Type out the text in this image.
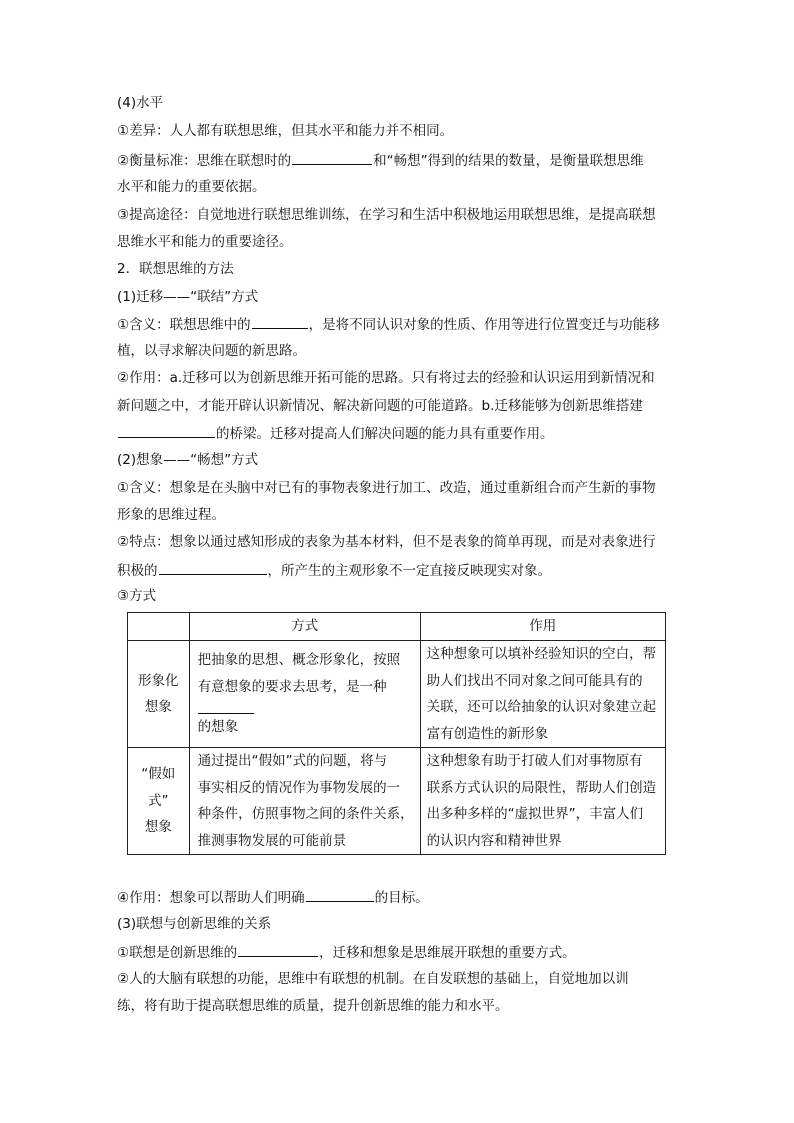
(4)水平
①差异：人人都有联想思维，但其水平和能力并不相同。
②衡量标准：思维在联想时的	和“畅想”得到的结果的数量，是衡量联想思维
水平和能力的重要依据。
③提高途径：自觉地进行联想思维训练，在学习和生活中积极地运用联想思维，是提高联想
思维水平和能力的重要途径。
2．联想思维的方法
(1)迁移——“联结”方式
①含义：联想思维中的	，是将不同认识对象的性质、作用等进行位置变迁与功能移
植，以寻求解决问题的新思路。
②作用：a.迁移可以为创新思维开拓可能的思路。只有将过去的经验和认识运用到新情况和
新问题之中，才能开辟认识新情况、解决新问题的可能道路。b.迁移能够为创新思维搭建
的桥梁。迁移对提高人们解决问题的能力具有重要作用。
(2)想象——“畅想”方式
①含义：想象是在头脑中对已有的事物表象进行加工、改造，通过重新组合而产生新的事物
形象的思维过程。
②特点：想象以通过感知形成的表象为基本材料，但不是表象的简单再现，而是对表象进行
积极的	，所产生的主观形象不一定直接反映现实对象。
③方式
	方式	作用

形象化
想象	把抽象的思想、概念形象化，按照
有意想象的要求去思考，是一种
的想象	这种想象可以填补经验知识的空白，帮
助人们找出不同对象之间可能具有的
关联，还可以给抽象的认识对象建立起
富有创造性的新形象

“假如
式”
想象	通过提出“假如”式的问题，将与
事实相反的情况作为事物发展的一
种条件，仿照事物之间的条件关系，
推测事物发展的可能前景	这种想象有助于打破人们对事物原有
联系方式认识的局限性，帮助人们创造
出多种多样的“虚拟世界”，丰富人们
的认识内容和精神世界
④作用：想象可以帮助人们明确	的目标。
(3)联想与创新思维的关系
①联想是创新思维的	，迁移和想象是思维展开联想的重要方式。
②人的大脑有联想的功能，思维中有联想的机制。在自发联想的基础上，自觉地加以训
练，将有助于提高联想思维的质量，提升创新思维的能力和水平。
